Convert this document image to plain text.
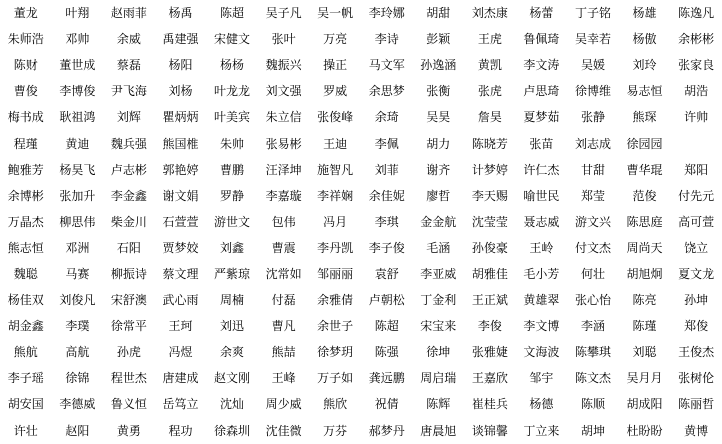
董龙	叶翔	赵雨菲	杨禹	陈超	吴子凡	吴一帆	李玲娜	胡甜	刘杰康	杨蕾	丁子铭	杨雄	陈逸凡
朱师浩	邓帅	余威	禹建强	宋健文	张叶	万亮	李诗	彭颖	王虎	鲁佩琦	吴幸若	杨傲	余彬彬
陈财	董世成	蔡磊	杨阳	杨杨	魏振兴	操正	马文军	孙逸涵	黄凯	李文涛	吴媛	刘玲	张家良
曹俊	李博俊	尹飞海	刘杨	叶龙龙	刘文强	罗威	余思梦	张衡	张虎	卢思琦	徐博维	易志恒	胡浩
梅书成	耿祖鸿	刘辉	瞿炳炳	叶美宾	朱立信	张俊峰	余琦	吴昊	詹昊	夏梦茹	张静	熊琛	许帅
程瑾	黄迪	魏兵强	熊国椎	朱帅	张易彬	王迪	李佩	胡力	陈晓芳	张苗	刘志成	徐园园
鲍雅芳	杨昊飞	卢志彬	郭艳婷	曹鹏	汪泽坤	施智凡	刘菲	谢齐	计梦婷	许仁杰	甘甜	曹华琨	郑阳
余博彬	张加升	李金鑫	谢文娟	罗静	李嘉璇	李祥娴	余佳妮	廖哲	李天赐	喻世民	郑莹	范俊	付先元
万晶杰	柳思伟	柴金川	石萱萱	游世文	包伟	冯月	李琪	金金航	沈莹莹	聂志威	游文兴	陈思庭	高可萱
熊志恒	邓洲	石阳	贾梦姣	刘鑫	曹震	李丹凯	李子俊	毛涵	孙俊豪	王岭	付文杰	周尚天	饶立
魏聪	马赛	柳振诗	蔡文理	严紫琼	沈常如	邹丽丽	袁舒	李亚威	胡雅佳	毛小芳	何壮	胡旭炯	夏文龙
杨佳双	刘俊凡	宋舒澳	武心雨	周楠	付磊	余雅倩	卢朝松	丁金利	王正斌	黄雄翠	张心怡	陈亮	孙坤
胡金鑫	李璞	徐常平	王珂	刘迅	曹凡	余世子	陈超	宋宝来	李俊	李文博	李涵	陈瑾	郑俊
熊航	高航	孙虎	冯煜	余爽	熊喆	徐梦玥	陈强	徐坤	张雅婕	文海波	陈攀琪	刘聪	王俊杰
李子瑶	徐锦	程世杰	唐建成	赵文刚	王峰	万子如	龚远鹏	周启瑞	王嘉欣	邹宇	陈文杰	吴月月	张树伦
胡安国	李德威	鲁义恒	岳笃立	沈灿	周少威	熊欣	祝倩	陈辉	崔桂兵	杨德	陈顺	胡成阳	陈丽哲
许壮	赵阳	黄勇	程功	徐森圳	沈佳微	万芬	郝梦丹	唐晨旭	谈锦馨	丁立来	胡坤	杜盼盼	黄博
